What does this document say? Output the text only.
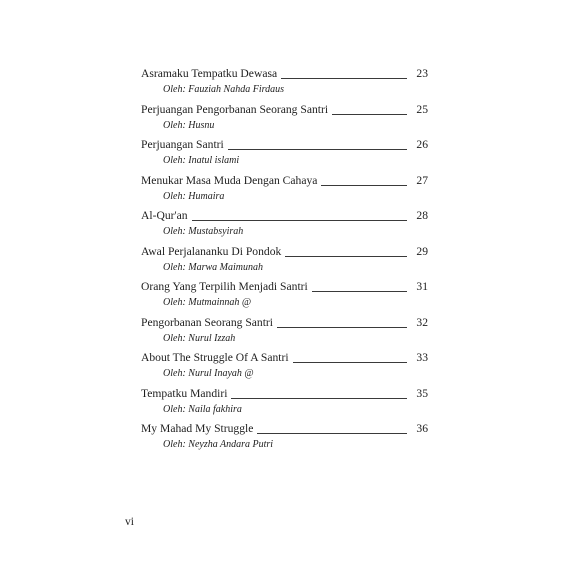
Asramaku Tempatku Dewasa	23
Oleh: Fauziah Nahda Firdaus
Perjuangan Pengorbanan Seorang Santri	25
Oleh: Husnu
Perjuangan Santri	26
Oleh: Inatul islami
Menukar Masa Muda Dengan Cahaya	27
Oleh: Humaira
Al-Qur'an	28
Oleh: Mustabsyirah
Awal Perjalananku Di Pondok	29
Oleh: Marwa Maimunah
Orang Yang Terpilih Menjadi Santri	31
Oleh: Mutmainnah @
Pengorbanan Seorang Santri	32
Oleh: Nurul Izzah
About The Struggle Of A Santri	33
Oleh: Nurul Inayah @
Tempatku Mandiri	35
Oleh: Naila fakhira
My Mahad My Struggle	36
Oleh: Neyzha Andara Putri
vi
